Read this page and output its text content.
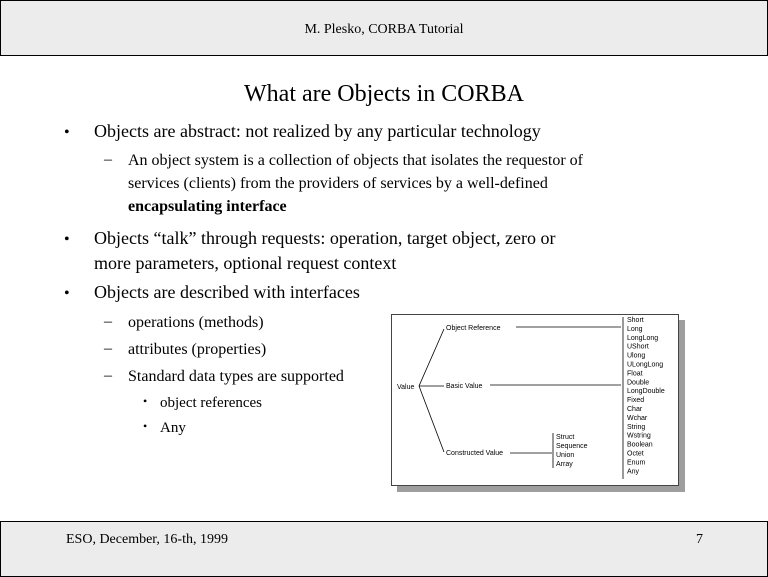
M. Plesko, CORBA Tutorial
What are Objects in CORBA
• Objects are abstract: not realized by any particular technology
– An object system is a collection of objects that isolates the requestor of
services (clients) from the providers of services by a well-defined
encapsulating interface
• Objects “talk” through requests: operation, target object, zero or
more parameters, optional request context
• Objects are described with interfaces
– operations (methods)
– attributes (properties)
– Standard data types are supported
• object references
• Any
Value
Object Reference
Basic Value
Constructed Value
Struct
Sequence
Union
Array
Short
Long
LongLong
UShort
Ulong
ULongLong
Float
Double
LongDouble
Fixed
Char
Wchar
String
Wstring
Boolean
Octet
Enum
Any
ESO, December, 16-th, 1999	7
